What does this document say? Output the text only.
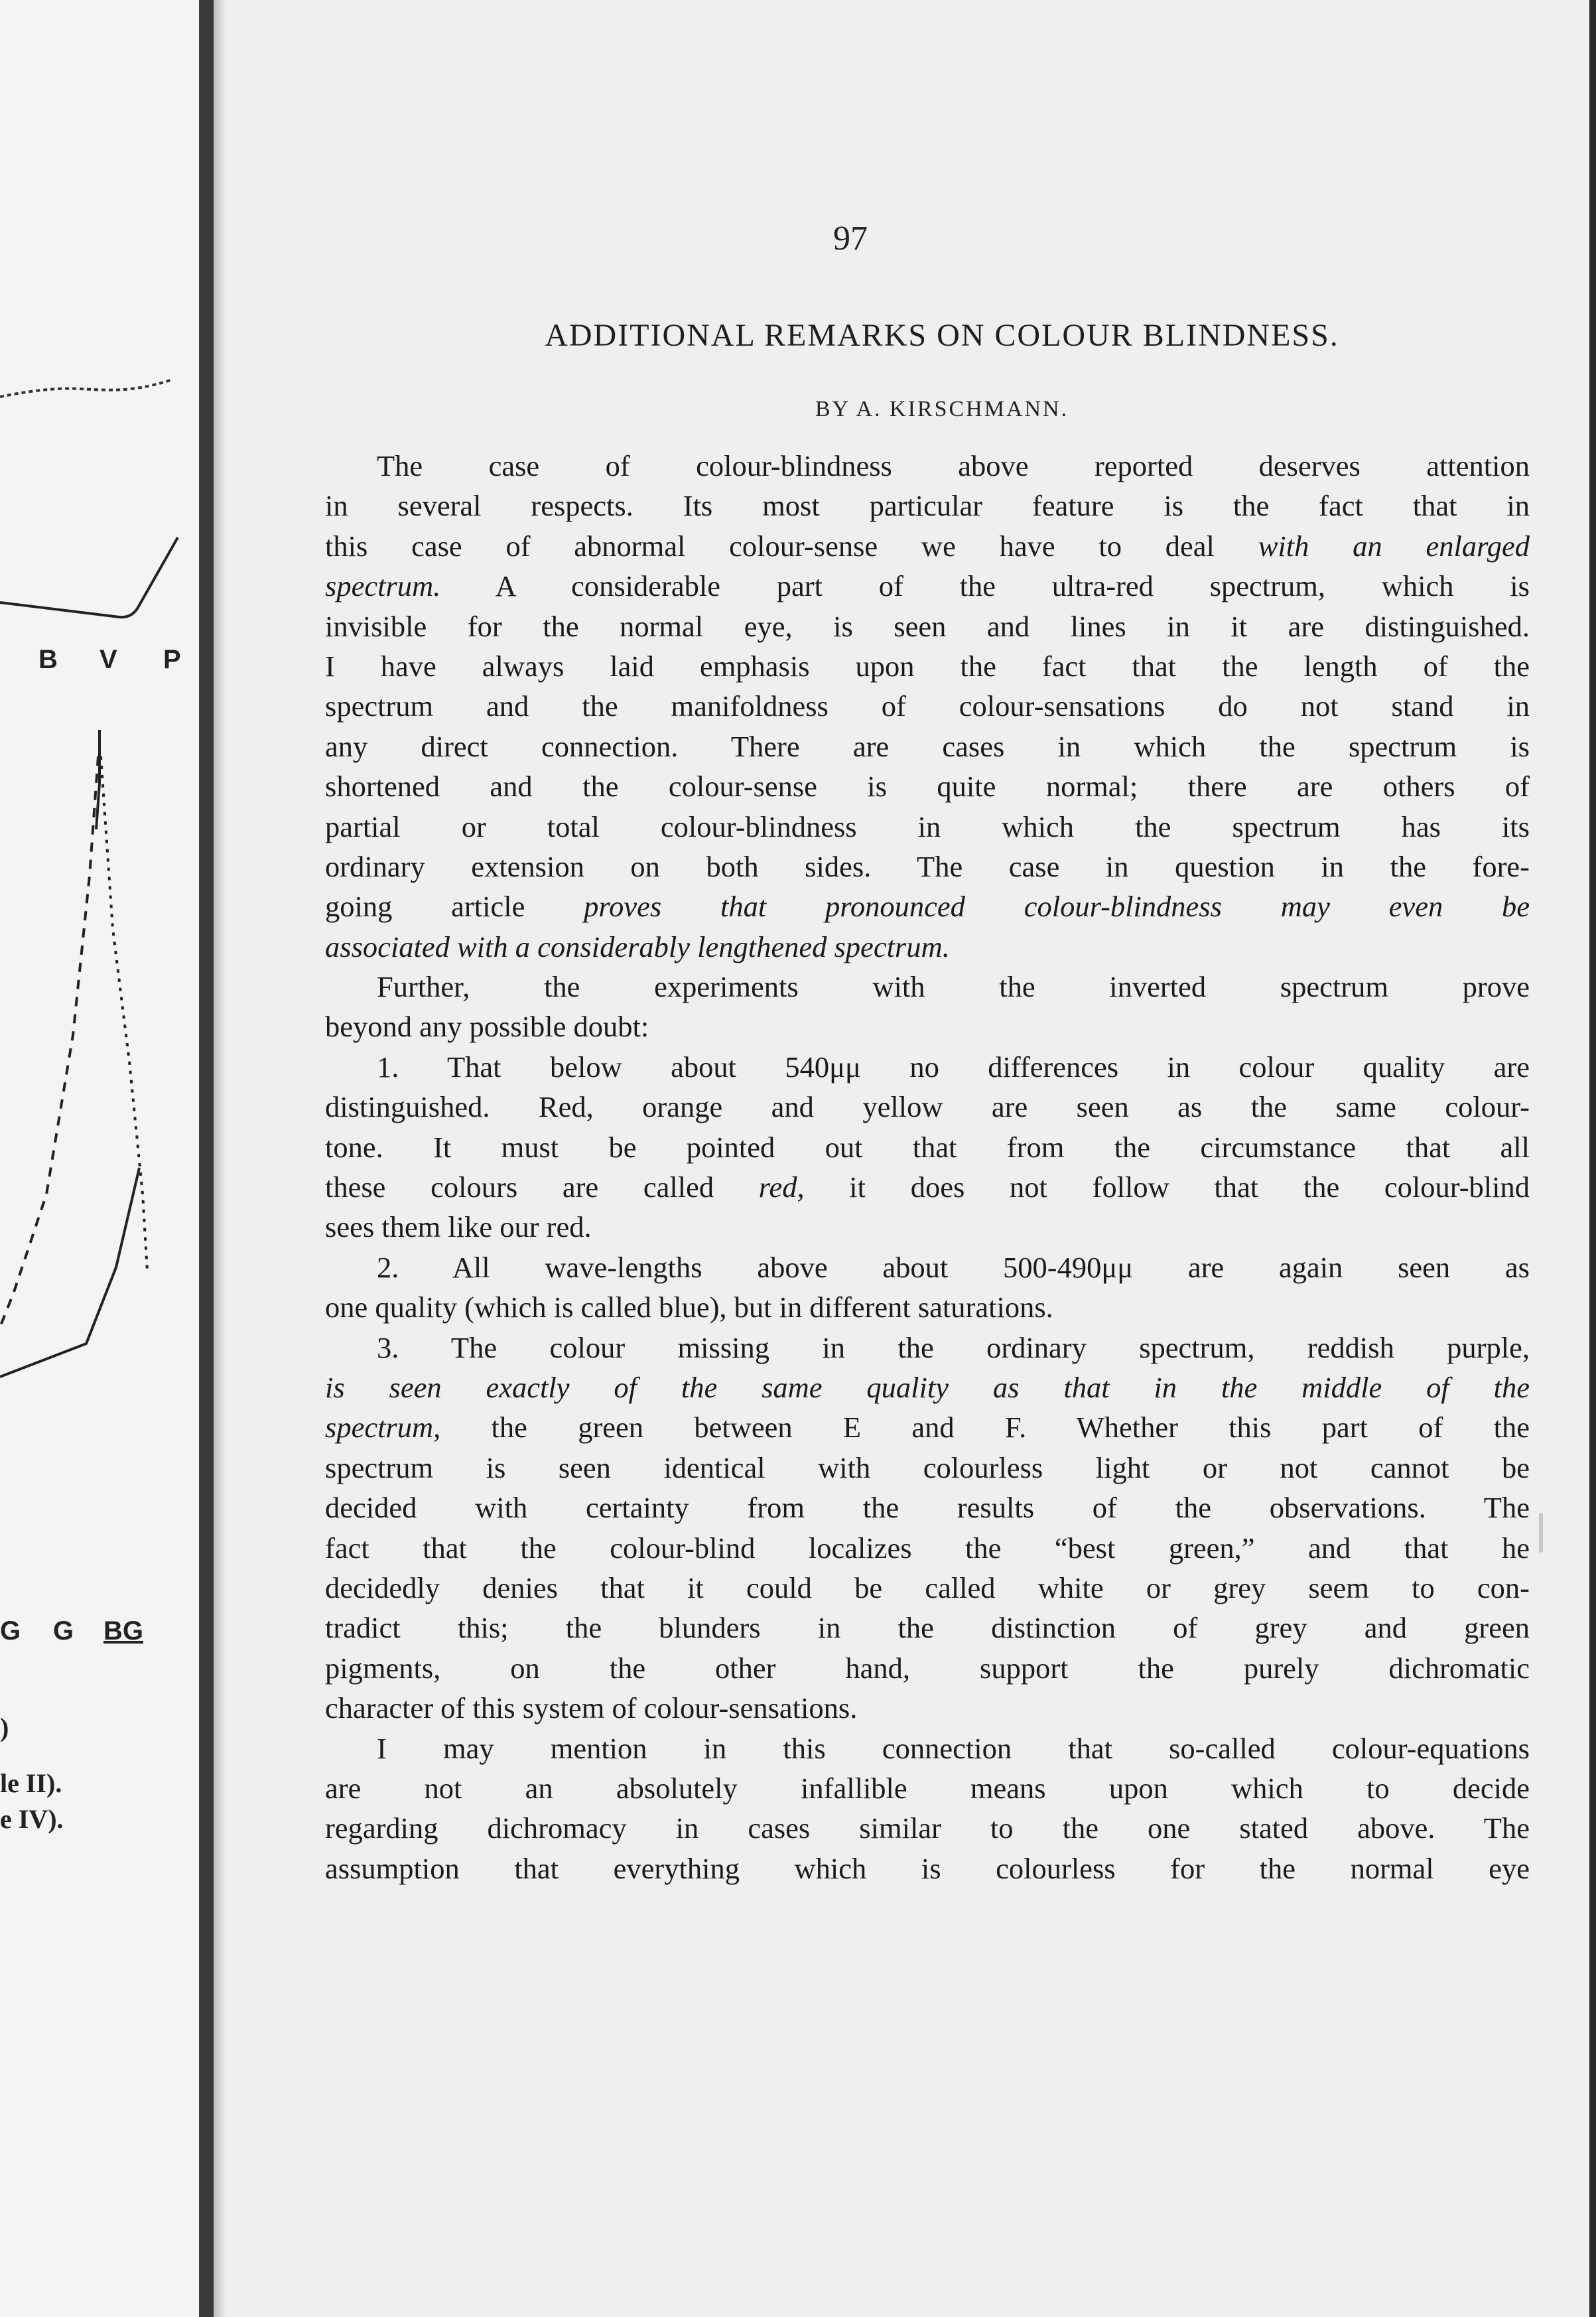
B V P
G G BG
)
le II).
e IV).
97
ADDITIONAL REMARKS ON COLOUR BLINDNESS.
BY A. KIRSCHMANN.
The case of colour-blindness above reported deserves attention
in several respects. Its most particular feature is the fact that in
this case of abnormal colour-sense we have to deal with an enlarged
spectrum. A considerable part of the ultra-red spectrum, which is
invisible for the normal eye, is seen and lines in it are distinguished.
I have always laid emphasis upon the fact that the length of the
spectrum and the manifoldness of colour-sensations do not stand in
any direct connection. There are cases in which the spectrum is
shortened and the colour-sense is quite normal; there are others of
partial or total colour-blindness in which the spectrum has its
ordinary extension on both sides. The case in question in the fore-
going article proves that pronounced colour-blindness may even be
associated with a considerably lengthened spectrum.
Further, the experiments with the inverted spectrum prove
beyond any possible doubt:
1. That below about 540μμ no differences in colour quality are
distinguished. Red, orange and yellow are seen as the same colour-
tone. It must be pointed out that from the circumstance that all
these colours are called red, it does not follow that the colour-blind
sees them like our red.
2. All wave-lengths above about 500-490μμ are again seen as
one quality (which is called blue), but in different saturations.
3. The colour missing in the ordinary spectrum, reddish purple,
is seen exactly of the same quality as that in the middle of the
spectrum, the green between E and F. Whether this part of the
spectrum is seen identical with colourless light or not cannot be
decided with certainty from the results of the observations. The
fact that the colour-blind localizes the “best green,” and that he
decidedly denies that it could be called white or grey seem to con-
tradict this; the blunders in the distinction of grey and green
pigments, on the other hand, support the purely dichromatic
character of this system of colour-sensations.
I may mention in this connection that so-called colour-equations
are not an absolutely infallible means upon which to decide
regarding dichromacy in cases similar to the one stated above. The
assumption that everything which is colourless for the normal eye
